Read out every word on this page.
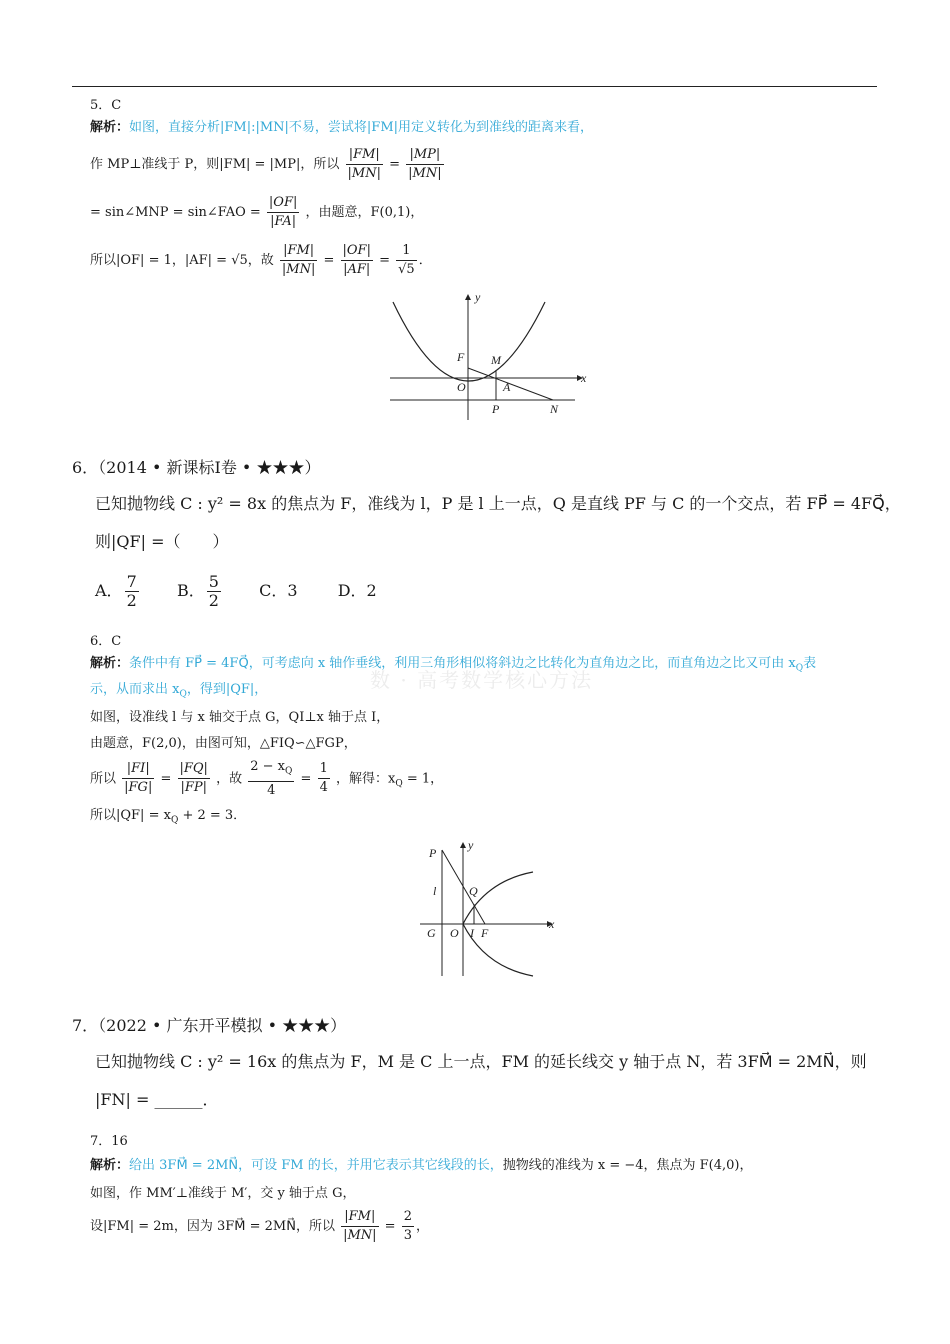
5．C
解析：如图，直接分析|FM|:|MN|不易，尝试将|FM|用定义转化为到准线的距离来看，
作 MP⊥准线于 P，则|FM| = |MP|，所以 $\frac{|FM|}{|MN|} = \frac{|MP|}{|MN|}$
= sin∠MNP = sin∠FAO = $\frac{|OF|}{|FA|}$ ，由题意，F(0,1)，
所以|OF| = 1，|AF| = √5，故 $\frac{|FM|}{|MN|} = \frac{|OF|}{|AF|} = \frac{1}{√5}$ ．
x
y
F M
O	A
P	N
6．（2014 • 新课标Ⅰ卷 • ★★★）
已知抛物线 C : y² = 8x 的焦点为 F，准线为 l，P 是 l 上一点，Q 是直线 PF 与 C 的一个交点，若 FP⃗ = 4FQ⃗，
则|QF| =（　　）
A． $\frac{7}{2}$ B． $\frac{5}{2}$ C．3	D．2
6．C
解析：条件中有 FP⃗ = 4FQ⃗，可考虑向 x 轴作垂线，利用三角形相似将斜边之比转化为直角边之比，而直角边之比又可由 $x_Q$表
示，从而求出 $x_Q$，得到|QF|，	数 · 高考数学核心方法
如图，设准线 l 与 x 轴交于点 G，QI⊥x 轴于点 I，
由题意，F(2,0)，由图可知，△FIQ∽△FGP，
所以 $\frac{|FI|}{|FG|} = \frac{|FQ|}{|FP|}$ ，故 $\frac{2 - x_Q}{4} = \frac{1}{4}$ ，解得：$x_Q = 1$，
所以$|QF| = x_Q + 2 = 3$．
x
y
P
l	Q
G O I F
7．（2022 • 广东开平模拟 • ★★★）
已知抛物线 C : y² = 16x 的焦点为 F，M 是 C 上一点，FM 的延长线交 y 轴于点 N，若 3FM⃗ = 2MN⃗，则
|FN| = ______．
7．16
解析：给出 3FM⃗ = 2MN⃗，可设 FM 的长，并用它表示其它线段的长，抛物线的准线为 x = −4，焦点为 F(4,0)，
如图，作 MM′⊥准线于 M′，交 y 轴于点 G，
设|FM| = 2m，因为 3FM⃗ = 2MN⃗，所以 $\frac{|FM|}{|MN|} = \frac{2}{3}$ ，
